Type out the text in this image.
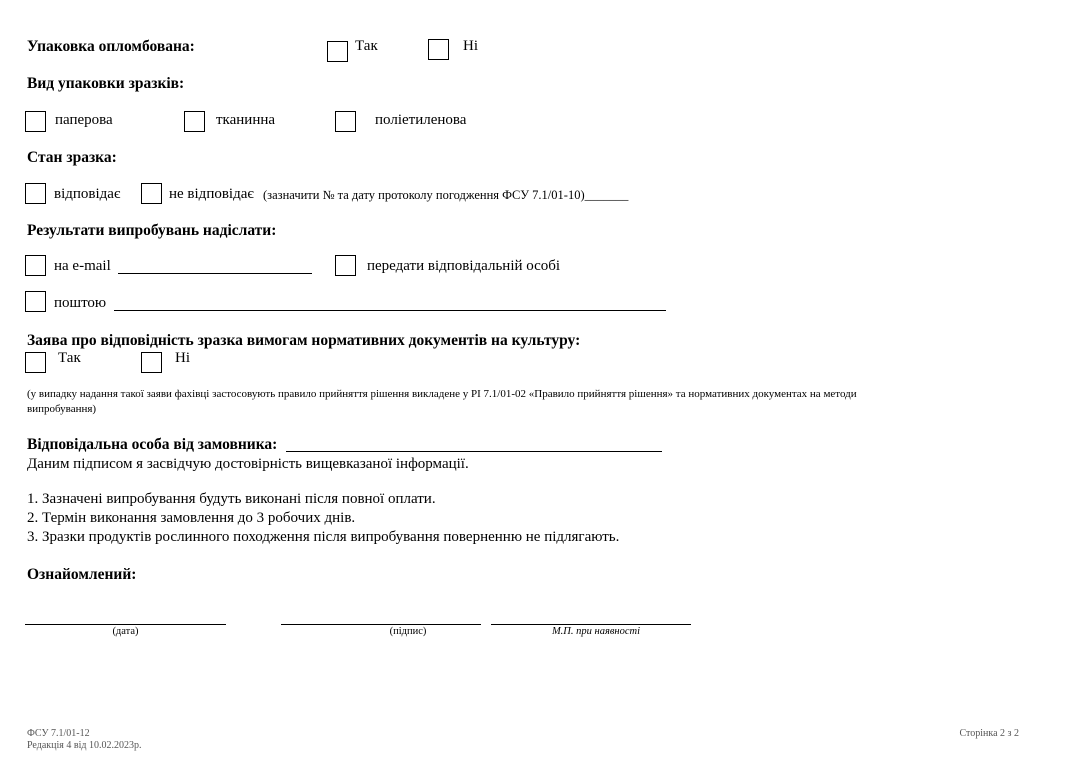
Упаковка опломбована:	Так	Ні
Вид упаковки зразків:
паперова	тканинна	поліетиленова
Стан зразка:
відповідає	не відповідає (зазначити № та дату протоколу погодження ФСУ 7.1/01-10)_______
Результати випробувань надіслати:
на e-mail	передати відповідальній особі
поштою
Заява про відповідність зразка вимогам нормативних документів на культуру:
Так	Ні
(у випадку надання такої заяви фахівці застосовують правило прийняття рішення викладене у РІ 7.1/01-02 «Правило прийняття рішення» та нормативних документах на методи
випробування)
Відповідальна особа від замовника:
Даним підписом я засвідчую достовірність вищевказаної інформації.
1. Зазначені випробування будуть виконані після повної оплати.
2. Термін виконання замовлення до 3 робочих днів.
3. Зразки продуктів рослинного походження після випробування поверненню не підлягають.
Ознайомлений:
(дата)	(підпис)	М.П. при наявності
ФСУ 7.1/01-12
Редакція 4 від 10.02.2023р.
Сторінка 2 з 2
